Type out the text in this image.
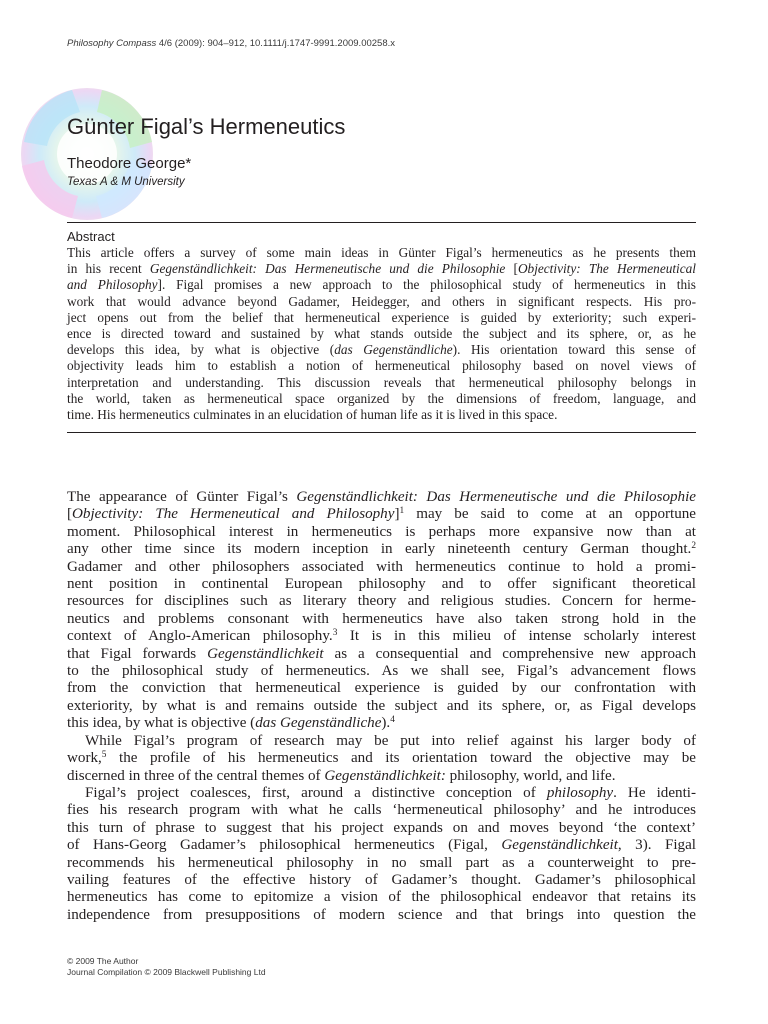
Philosophy Compass 4/6 (2009): 904–912, 10.1111/j.1747-9991.2009.00258.x
Günter Figal’s Hermeneutics
Theodore George*
Texas A & M University
Abstract
This article offers a survey of some main ideas in Günter Figal’s hermeneutics as he presents them
in his recent Gegenständlichkeit: Das Hermeneutische und die Philosophie [Objectivity: The Hermeneutical
and Philosophy]. Figal promises a new approach to the philosophical study of hermeneutics in this
work that would advance beyond Gadamer, Heidegger, and others in significant respects. His pro-
ject opens out from the belief that hermeneutical experience is guided by exteriority; such experi-
ence is directed toward and sustained by what stands outside the subject and its sphere, or, as he
develops this idea, by what is objective (das Gegenständliche). His orientation toward this sense of
objectivity leads him to establish a notion of hermeneutical philosophy based on novel views of
interpretation and understanding. This discussion reveals that hermeneutical philosophy belongs in
the world, taken as hermeneutical space organized by the dimensions of freedom, language, and
time. His hermeneutics culminates in an elucidation of human life as it is lived in this space.
The appearance of Günter Figal’s Gegenständlichkeit: Das Hermeneutische und die Philosophie
[Objectivity: The Hermeneutical and Philosophy]$^1$ may be said to come at an opportune
moment. Philosophical interest in hermeneutics is perhaps more expansive now than at
any other time since its modern inception in early nineteenth century German thought.$^2$
Gadamer and other philosophers associated with hermeneutics continue to hold a promi-
nent position in continental European philosophy and to offer significant theoretical
resources for disciplines such as literary theory and religious studies. Concern for herme-
neutics and problems consonant with hermeneutics have also taken strong hold in the
context of Anglo-American philosophy.$^3$ It is in this milieu of intense scholarly interest
that Figal forwards Gegenständlichkeit as a consequential and comprehensive new approach
to the philosophical study of hermeneutics. As we shall see, Figal’s advancement flows
from the conviction that hermeneutical experience is guided by our confrontation with
exteriority, by what is and remains outside the subject and its sphere, or, as Figal develops
this idea, by what is objective (das Gegenständliche).$^4$
While Figal’s program of research may be put into relief against his larger body of
work,$^5$ the profile of his hermeneutics and its orientation toward the objective may be
discerned in three of the central themes of Gegenständlichkeit: philosophy, world, and life.
Figal’s project coalesces, first, around a distinctive conception of philosophy. He identi-
fies his research program with what he calls ‘hermeneutical philosophy’ and he introduces
this turn of phrase to suggest that his project expands on and moves beyond ‘the context’
of Hans-Georg Gadamer’s philosophical hermeneutics (Figal, Gegenständlichkeit, 3). Figal
recommends his hermeneutical philosophy in no small part as a counterweight to pre-
vailing features of the effective history of Gadamer’s thought. Gadamer’s philosophical
hermeneutics has come to epitomize a vision of the philosophical endeavor that retains its
independence from presuppositions of modern science and that brings into question the
© 2009 The Author
Journal Compilation © 2009 Blackwell Publishing Ltd
